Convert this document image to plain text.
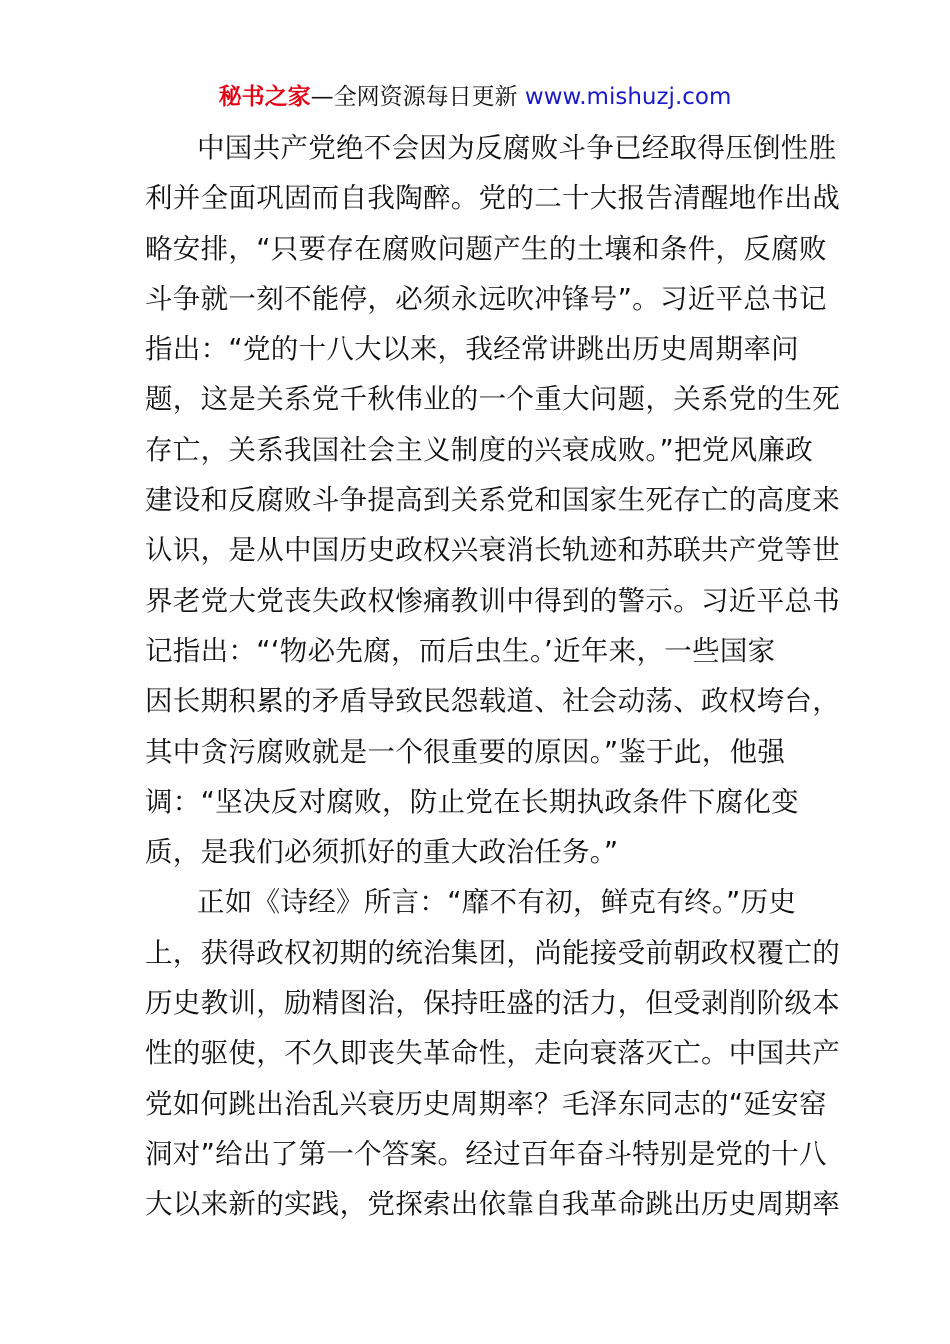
秘书之家—全网资源每日更新 www.mishuzj.com
中国共产党绝不会因为反腐败斗争已经取得压倒性胜
利并全面巩固而自我陶醉。党的二十大报告清醒地作出战
略安排，“只要存在腐败问题产生的土壤和条件，反腐败
斗争就一刻不能停，必须永远吹冲锋号”。习近平总书记
指出：“党的十八大以来，我经常讲跳出历史周期率问
题，这是关系党千秋伟业的一个重大问题，关系党的生死
存亡，关系我国社会主义制度的兴衰成败。”把党风廉政
建设和反腐败斗争提高到关系党和国家生死存亡的高度来
认识，是从中国历史政权兴衰消长轨迹和苏联共产党等世
界老党大党丧失政权惨痛教训中得到的警示。习近平总书
记指出：“‘物必先腐，而后虫生。’近年来，一些国家
因长期积累的矛盾导致民怨载道、社会动荡、政权垮台，
其中贪污腐败就是一个很重要的原因。”鉴于此，他强
调：“坚决反对腐败，防止党在长期执政条件下腐化变
质，是我们必须抓好的重大政治任务。”
正如《诗经》所言：“靡不有初，鲜克有终。”历史
上，获得政权初期的统治集团，尚能接受前朝政权覆亡的
历史教训，励精图治，保持旺盛的活力，但受剥削阶级本
性的驱使，不久即丧失革命性，走向衰落灭亡。中国共产
党如何跳出治乱兴衰历史周期率？毛泽东同志的“延安窑
洞对”给出了第一个答案。经过百年奋斗特别是党的十八
大以来新的实践，党探索出依靠自我革命跳出历史周期率
